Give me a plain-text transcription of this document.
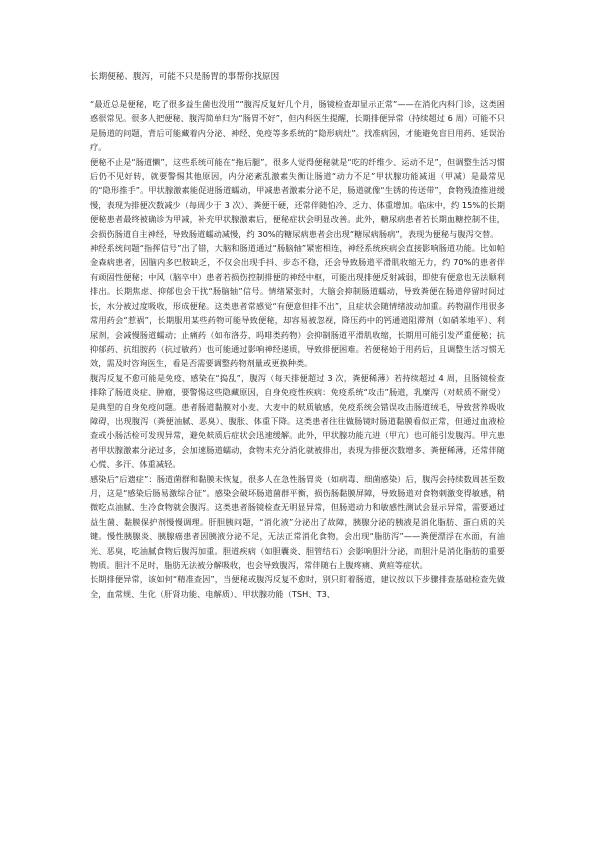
长期便秘、腹泻，可能不只是肠胃的事帮你找原因

“最近总是便秘，吃了很多益生菌也没用”“腹泻反复好几个月，肠镜检查却显示正常”——在消化内科门诊，这类困惑很常见。很多人把便秘、腹泻简单归为“肠胃不好”，但内科医生提醒，长期排便异常（持续超过 6 周）可能不只是肠道的问题，背后可能藏着内分泌、神经、免疫等多系统的“隐形病灶”。找准病因，才能避免盲目用药、延误治疗。

便秘不止是“肠道懒”，这些系统可能在“拖后腿”，很多人觉得便秘就是“吃的纤维少、运动不足”，但调整生活习惯后仍不见好转，就要警惕其他原因，内分泌紊乱激素失衡让肠道“动力不足”甲状腺功能减退（甲减）是最常见的“隐形推手”。甲状腺激素能促进肠道蠕动，甲减患者激素分泌不足，肠道就像“生锈的传送带”，食物残渣推进缓慢，表现为排便次数减少（每周少于 3 次）、粪便干硬，还常伴随怕冷、乏力、体重增加。临床中，约 15%的长期便秘患者最终被确诊为甲减，补充甲状腺激素后，便秘症状会明显改善。此外，糖尿病患者若长期血糖控制不佳，会损伤肠道自主神经，导致肠道蠕动减慢，约 30%的糖尿病患者会出现“糖尿病肠病”，表现为便秘与腹泻交替。

神经系统问题“指挥信号”出了错，大脑和肠道通过“肠脑轴”紧密相连，神经系统疾病会直接影响肠道功能。比如帕金森病患者，因脑内多巴胺缺乏，不仅会出现手抖、步态不稳，还会导致肠道平滑肌收缩无力，约 70%的患者伴有顽固性便秘；中风（脑卒中）患者若损伤控制排便的神经中枢，可能出现排便反射减弱，即使有便意也无法顺利排出。长期焦虑、抑郁也会干扰“肠脑轴”信号。情绪紧张时，大脑会抑制肠道蠕动，导致粪便在肠道停留时间过长，水分被过度吸收，形成便秘。这类患者常感觉“有便意但排不出”，且症状会随情绪波动加重。药物副作用很多常用药会“惹祸”，长期服用某些药物可能导致便秘，却容易被忽视，降压药中的钙通道阻滞剂（如硝苯地平）、利尿剂，会减慢肠道蠕动；止痛药（如布洛芬、吗啡类药物）会抑制肠道平滑肌收缩，长期用可能引发严重便秘；抗抑郁药、抗组胺药（抗过敏药）也可能通过影响神经递质，导致排便困难。若便秘始于用药后，且调整生活习惯无效，需及时咨询医生，看是否需要调整药物剂量或更换种类。

腹泻反复不愈可能是免疫、感染在“捣乱”，腹泻（每天排便超过 3 次，粪便稀薄）若持续超过 4 周，且肠镜检查排除了肠道炎症、肿瘤，要警惕这些隐藏原因，自身免疫性疾病：免疫系统“攻击”肠道，乳糜泻（对麸质不耐受）是典型的自身免疫问题。患者肠道黏膜对小麦、大麦中的麸质敏感，免疫系统会错误攻击肠道绒毛，导致营养吸收障碍，出现腹泻（粪便油腻、恶臭）、腹胀、体重下降。这类患者往往做肠镜时肠道黏膜看似正常，但通过血液检查或小肠活检可发现异常，避免麸质后症状会迅速缓解。此外，甲状腺功能亢进（甲亢）也可能引发腹泻。甲亢患者甲状腺激素分泌过多，会加速肠道蠕动，食物未充分消化就被排出，表现为排便次数增多、粪便稀薄，还常伴随心慌、多汗、体重减轻。

感染后“后遗症”：肠道菌群和黏膜未恢复，很多人在急性肠胃炎（如病毒、细菌感染）后，腹泻会持续数周甚至数月，这是“感染后肠易激综合征”。感染会破坏肠道菌群平衡，损伤肠黏膜屏障，导致肠道对食物刺激变得敏感，稍微吃点油腻、生冷食物就会腹泻。这类患者肠镜检查无明显异常，但肠道动力和敏感性测试会显示异常，需要通过益生菌、黏膜保护剂慢慢调理。肝胆胰问题，“消化液”分泌出了故障，胰腺分泌的胰液是消化脂肪、蛋白质的关键。慢性胰腺炎、胰腺癌患者因胰液分泌不足，无法正常消化食物，会出现“脂肪泻”——粪便漂浮在水面，有油光、恶臭，吃油腻食物后腹泻加重。胆道疾病（如胆囊炎、胆管结石）会影响胆汁分泌，而胆汁是消化脂肪的重要物质。胆汁不足时，脂肪无法被分解吸收，也会导致腹泻，常伴随右上腹疼痛、黄疸等症状。

长期排便异常，该如何“精准查因”，当便秘或腹泻反复不愈时，别只盯着肠道，建议按以下步骤排查基础检查先做全，血常规、生化（肝肾功能、电解质）、甲状腺功能（TSH、T3、
